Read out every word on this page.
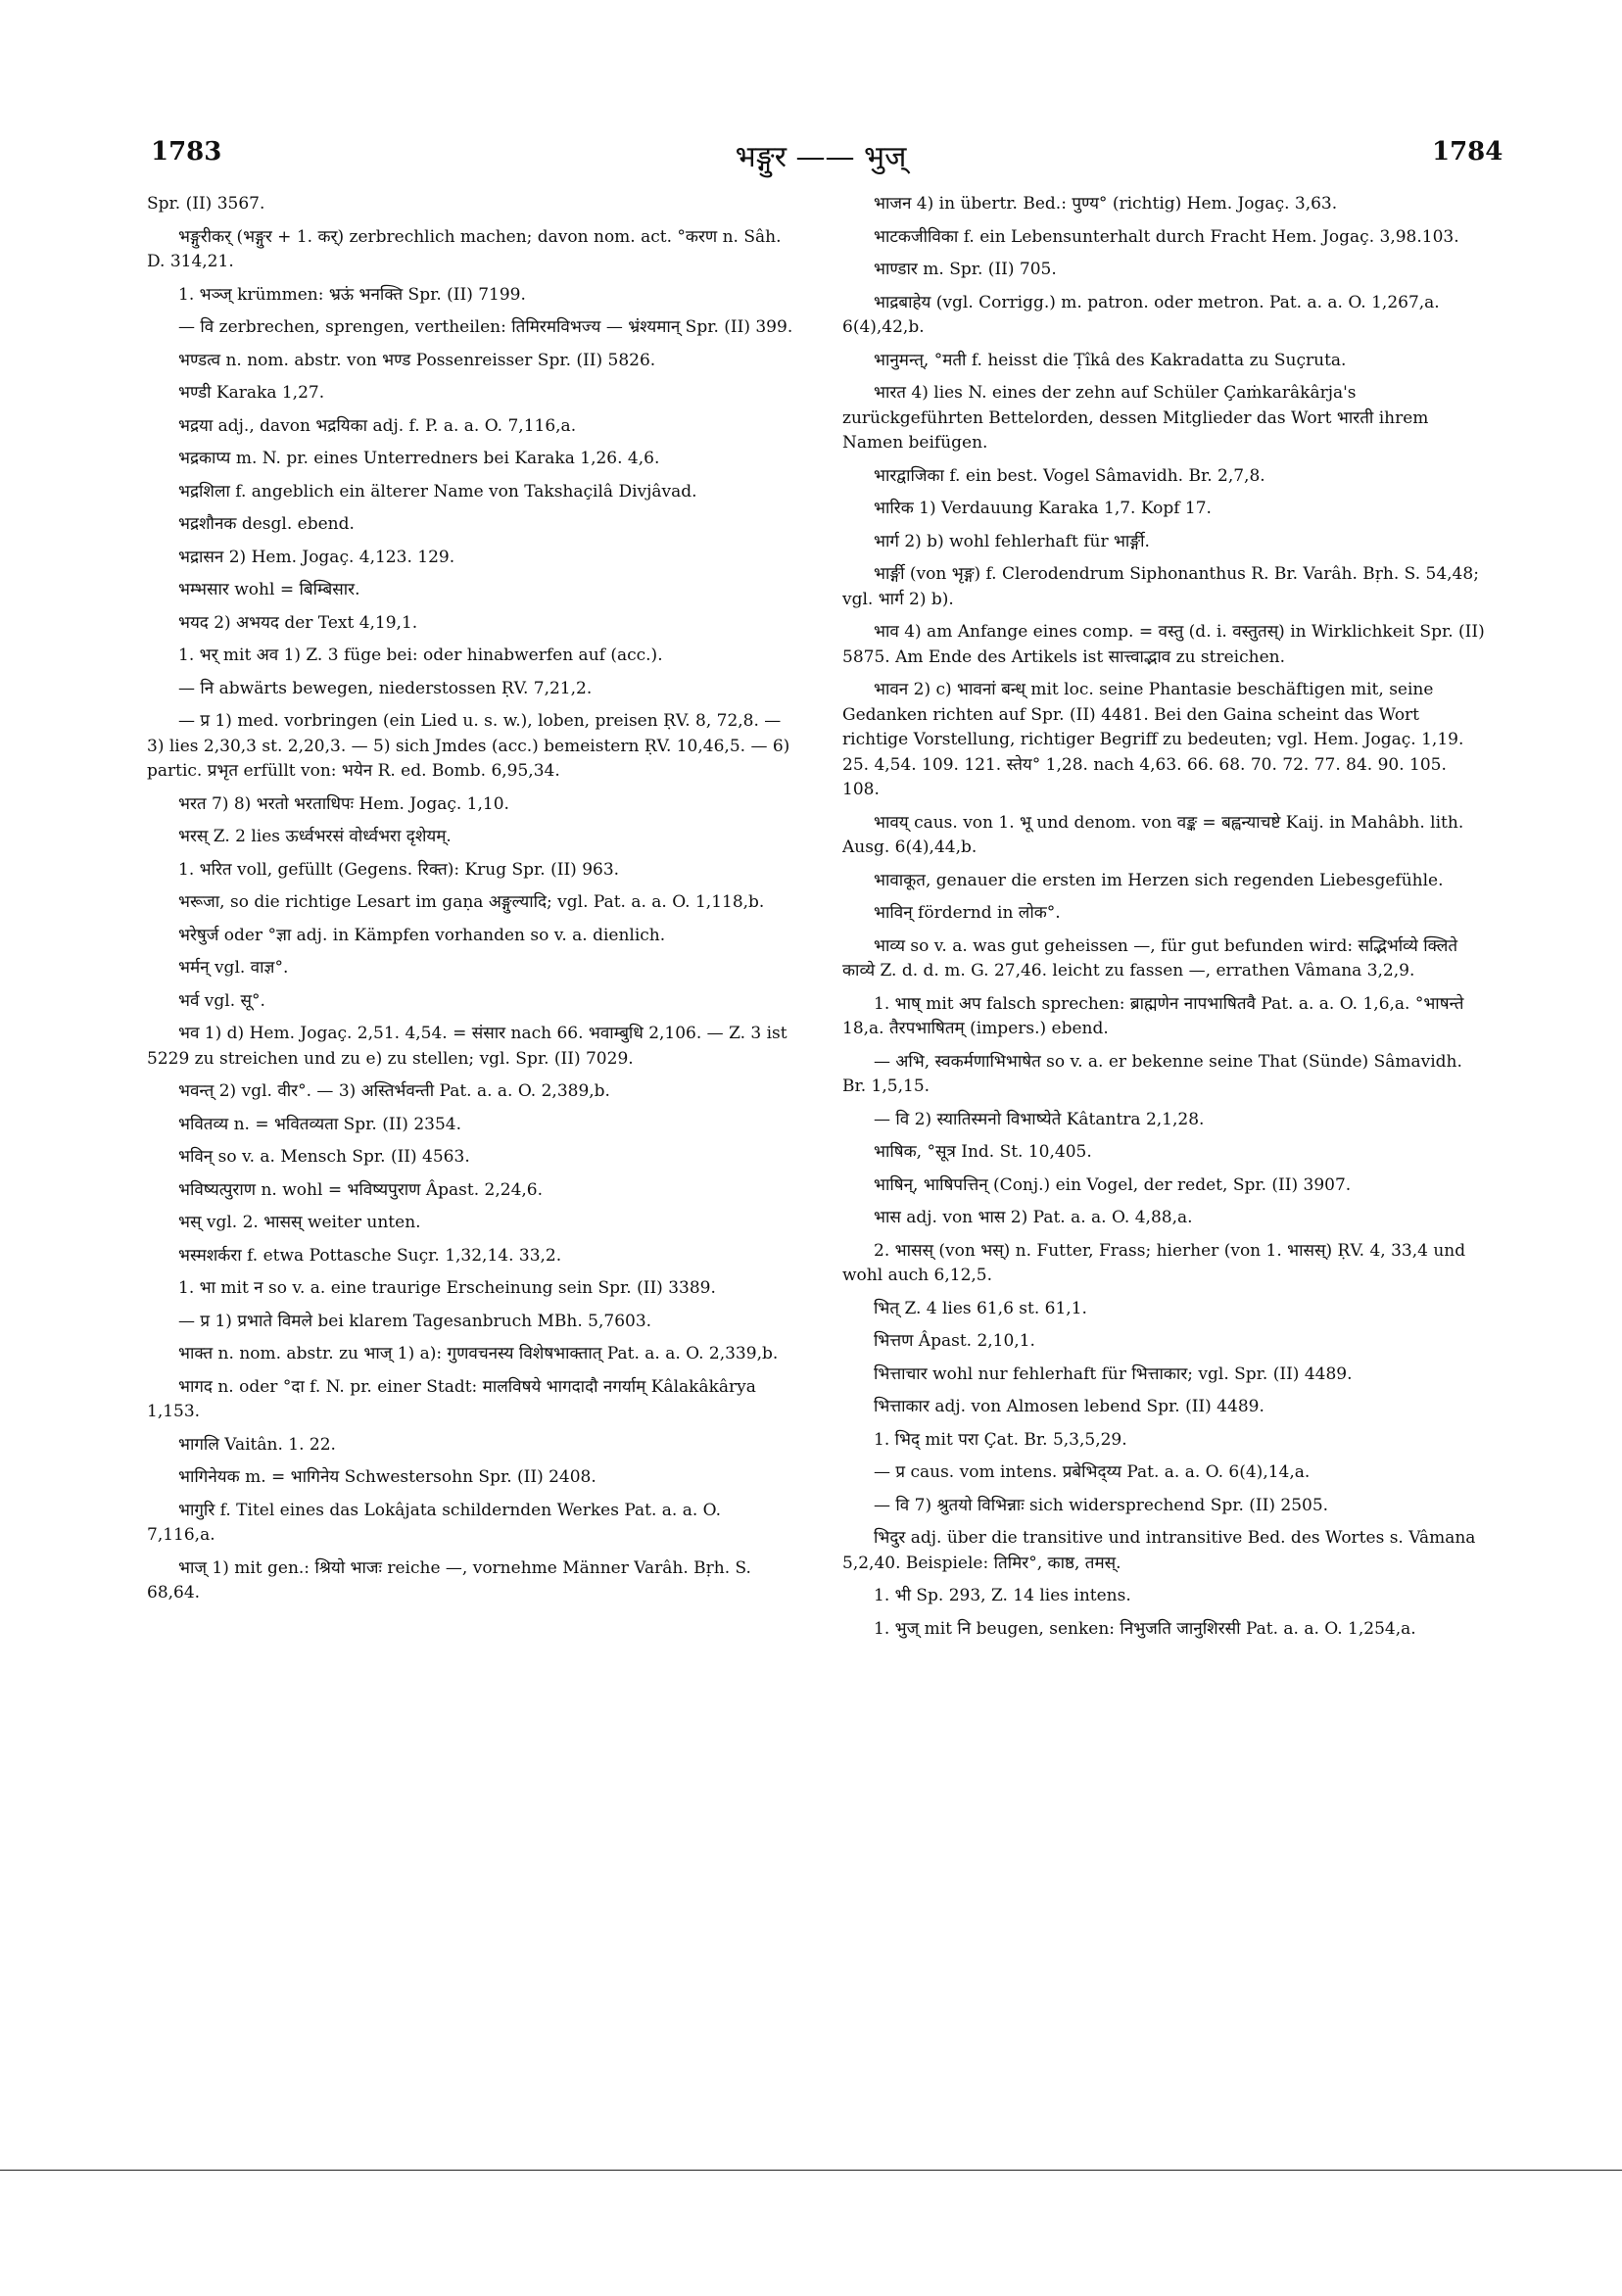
1783	भङ्गुर —— भुज्	1784

Spr. (II) 3567.

भङ्गुरीकर् (भङ्गुर + 1. कर्) zerbrechlich machen; davon nom. act. °करण n. Sâh. D. 314,21.

1. भञ्ज् krümmen: भ्रऊं भनक्ति Spr. (II) 7199.

— वि zerbrechen, sprengen, vertheilen: तिमिरमविभज्य — भ्रंश्यमान् Spr. (II) 399.

भण्डत्व n. nom. abstr. von भण्ड Possenreisser Spr. (II) 5826.

भण्डी Karaka 1,27.

भद्रया adj., davon भद्रयिका adj. f. P. a. a. O. 7,116,a.

भद्रकाप्य m. N. pr. eines Unterredners bei Karaka 1,26. 4,6.

भद्रशिला f. angeblich ein älterer Name von Takshaçilâ Divjâvad.

भद्रशौनक desgl. ebend.

भद्रासन 2) Hem. Jogaç. 4,123. 129.

भम्भसार wohl = बिम्बिसार.

भयद 2) अभयद der Text 4,19,1.

1. भर् mit अव 1) Z. 3 füge bei: oder hinabwerfen auf (acc.).

— नि abwärts bewegen, niederstossen ṚV. 7,21,2.

— प्र 1) med. vorbringen (ein Lied u. s. w.), loben, preisen ṚV. 8, 72,8. — 3) lies 2,30,3 st. 2,20,3. — 5) sich Jmdes (acc.) bemeistern ṚV. 10,46,5. — 6) partic. प्रभृत erfüllt von: भयेन R. ed. Bomb. 6,95,34.

भरत 7) 8) भरतो भरताधिपः Hem. Jogaç. 1,10.

भरस् Z. 2 lies ऊर्ध्वभरसं वोर्ध्वभरा दृशेयम्.

1. भरित voll, gefüllt (Gegens. रिक्त): Krug Spr. (II) 963.

भरूजा, so die richtige Lesart im gaṇa अङ्गुल्यादि; vgl. Pat. a. a. O. 1,118,b.

भरेषुर्ज oder °ज्ञा adj. in Kämpfen vorhanden so v. a. dienlich.

भर्मन् vgl. वाज्ञ°.

भर्व vgl. सू°.

भव 1) d) Hem. Jogaç. 2,51. 4,54. = संसार nach 66. भवाम्बुधि 2,106. — Z. 3 ist 5229 zu streichen und zu e) zu stellen; vgl. Spr. (II) 7029.

भवन्त् 2) vgl. वीर°. — 3) अस्तिर्भवन्ती Pat. a. a. O. 2,389,b.

भवितव्य n. = भवितव्यता Spr. (II) 2354.

भविन् so v. a. Mensch Spr. (II) 4563.

भविष्यत्पुराण n. wohl = भविष्यपुराण Âpast. 2,24,6.

भस् vgl. 2. भासस् weiter unten.

भस्मशर्करा f. etwa Pottasche Suçr. 1,32,14. 33,2.

1. भा mit न so v. a. eine traurige Erscheinung sein Spr. (II) 3389.

— प्र 1) प्रभाते विमले bei klarem Tagesanbruch MBh. 5,7603.

भाक्त n. nom. abstr. zu भाज् 1) a): गुणवचनस्य विशेषभाक्तात् Pat. a. a. O. 2,339,b.

भागद n. oder °दा f. N. pr. einer Stadt: मालविषये भागदादौ नगर्याम् Kâlakâkârya 1,153.

भागलि Vaitân. 1. 22.

भागिनेयक m. = भागिनेय Schwestersohn Spr. (II) 2408.

भागुरि f. Titel eines das Lokâjata schildernden Werkes Pat. a. a. O. 7,116,a.

भाज् 1) mit gen.: श्रियो भाजः reiche —, vornehme Männer Varâh. Bṛh. S. 68,64.

भाजन 4) in übertr. Bed.: पुण्य° (richtig) Hem. Jogaç. 3,63.

भाटकजीविका f. ein Lebensunterhalt durch Fracht Hem. Jogaç. 3,98.103.

भाण्डार m. Spr. (II) 705.

भाद्रबाहेय (vgl. Corrigg.) m. patron. oder metron. Pat. a. a. O. 1,267,a. 6(4),42,b.

भानुमन्त्, °मती f. heisst die Ṭîkâ des Kakradatta zu Suçruta.

भारत 4) lies N. eines der zehn auf Schüler Çaṁkarâkârja's zurückgeführten Bettelorden, dessen Mitglieder das Wort भारती ihrem Namen beifügen.

भारद्वाजिका f. ein best. Vogel Sâmavidh. Br. 2,7,8.

भारिक 1) Verdauung Karaka 1,7. Kopf 17.

भार्ग 2) b) wohl fehlerhaft für भार्ङ्गी.

भार्ङ्गी (von भृङ्ग) f. Clerodendrum Siphonanthus R. Br. Varâh. Bṛh. S. 54,48; vgl. भार्ग 2) b).

भाव 4) am Anfange eines comp. = वस्तु (d. i. वस्तुतस्) in Wirklichkeit Spr. (II) 5875. Am Ende des Artikels ist सात्त्वाद्भाव zu streichen.

भावन 2) c) भावनां बन्ध् mit loc. seine Phantasie beschäftigen mit, seine Gedanken richten auf Spr. (II) 4481. Bei den Gaina scheint das Wort richtige Vorstellung, richtiger Begriff zu bedeuten; vgl. Hem. Jogaç. 1,19. 25. 4,54. 109. 121. स्तेय° 1,28. nach 4,63. 66. 68. 70. 72. 77. 84. 90. 105. 108.

भावय् caus. von 1. भू und denom. von वङ्क = बह्वन्याचष्टे Kaij. in Mahâbh. lith. Ausg. 6(4),44,b.

भावाकूत, genauer die ersten im Herzen sich regenden Liebesgefühle.

भाविन् fördernd in लोक°.

भाव्य so v. a. was gut geheissen —, für gut befunden wird: सद्भिर्भाव्ये क्लिते काव्ये Z. d. d. m. G. 27,46. leicht zu fassen —, errathen Vâmana 3,2,9.

1. भाष् mit अप falsch sprechen: ब्राह्मणेन नापभाषितवै Pat. a. a. O. 1,6,a. °भाषन्ते 18,a. तैरपभाषितम् (impers.) ebend.

— अभि, स्वकर्मणाभिभाषेत so v. a. er bekenne seine That (Sünde) Sâmavidh. Br. 1,5,15.

— वि 2) स्यातिस्मनो विभाष्येते Kâtantra 2,1,28.

भाषिक, °सूत्र Ind. St. 10,405.

भाषिन्, भाषिपत्तिन् (Conj.) ein Vogel, der redet, Spr. (II) 3907.

भास adj. von भास 2) Pat. a. a. O. 4,88,a.

2. भासस् (von भस्) n. Futter, Frass; hierher (von 1. भासस्) ṚV. 4, 33,4 und wohl auch 6,12,5.

भित् Z. 4 lies 61,6 st. 61,1.

भित्तण Âpast. 2,10,1.

भित्ताचार wohl nur fehlerhaft für भित्ताकार; vgl. Spr. (II) 4489.

भित्ताकार adj. von Almosen lebend Spr. (II) 4489.

1. भिद् mit परा Çat. Br. 5,3,5,29.

— प्र caus. vom intens. प्रबेभिद्य्य Pat. a. a. O. 6(4),14,a.

— वि 7) श्रुतयो विभिन्नाः sich widersprechend Spr. (II) 2505.

भिदुर adj. über die transitive und intransitive Bed. des Wortes s. Vâmana 5,2,40. Beispiele: तिमिर°, काष्ठ, तमस्.

1. भी Sp. 293, Z. 14 lies intens.

1. भुज् mit नि beugen, senken: निभुजति जानुशिरसी Pat. a. a. O. 1,254,a.
